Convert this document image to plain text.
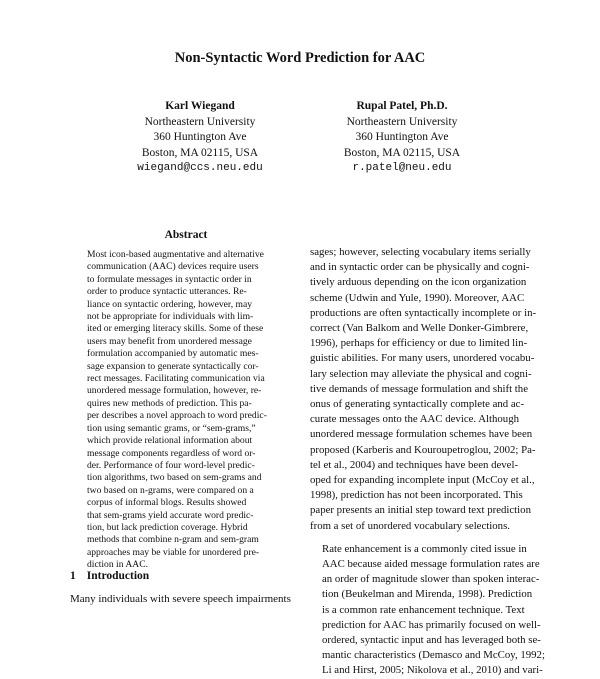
Non-Syntactic Word Prediction for AAC
Karl Wiegand
Northeastern University
360 Huntington Ave
Boston, MA 02115, USA
wiegand@ccs.neu.edu
Rupal Patel, Ph.D.
Northeastern University
360 Huntington Ave
Boston, MA 02115, USA
r.patel@neu.edu
Abstract
Most icon-based augmentative and alternative
communication (AAC) devices require users
to formulate messages in syntactic order in
order to produce syntactic utterances. Re-
liance on syntactic ordering, however, may
not be appropriate for individuals with lim-
ited or emerging literacy skills. Some of these
users may benefit from unordered message
formulation accompanied by automatic mes-
sage expansion to generate syntactically cor-
rect messages. Facilitating communication via
unordered message formulation, however, re-
quires new methods of prediction. This pa-
per describes a novel approach to word predic-
tion using semantic grams, or “sem-grams,”
which provide relational information about
message components regardless of word or-
der. Performance of four word-level predic-
tion algorithms, two based on sem-grams and
two based on n-grams, were compared on a
corpus of informal blogs. Results showed
that sem-grams yield accurate word predic-
tion, but lack prediction coverage. Hybrid
methods that combine n-gram and sem-gram
approaches may be viable for unordered pre-
diction in AAC.
1 Introduction
Many individuals with severe speech impairments

sages; however, selecting vocabulary items serially
and in syntactic order can be physically and cogni-
tively arduous depending on the icon organization
scheme (Udwin and Yule, 1990). Moreover, AAC
productions are often syntactically incomplete or in-
correct (Van Balkom and Welle Donker-Gimbrere,
1996), perhaps for efficiency or due to limited lin-
guistic abilities. For many users, unordered vocabu-
lary selection may alleviate the physical and cogni-
tive demands of message formulation and shift the
onus of generating syntactically complete and ac-
curate messages onto the AAC device. Although
unordered message formulation schemes have been
proposed (Karberis and Kouroupetroglou, 2002; Pa-
tel et al., 2004) and techniques have been devel-
oped for expanding incomplete input (McCoy et al.,
1998), prediction has not been incorporated. This
paper presents an initial step toward text prediction
from a set of unordered vocabulary selections.

Rate enhancement is a commonly cited issue in
AAC because aided message formulation rates are
an order of magnitude slower than spoken interac-
tion (Beukelman and Mirenda, 1998). Prediction
is a common rate enhancement technique. Text
prediction for AAC has primarily focused on well-
ordered, syntactic input and has leveraged both se-
mantic characteristics (Demasco and McCoy, 1992;
Li and Hirst, 2005; Nikolova et al., 2010) and vari-
